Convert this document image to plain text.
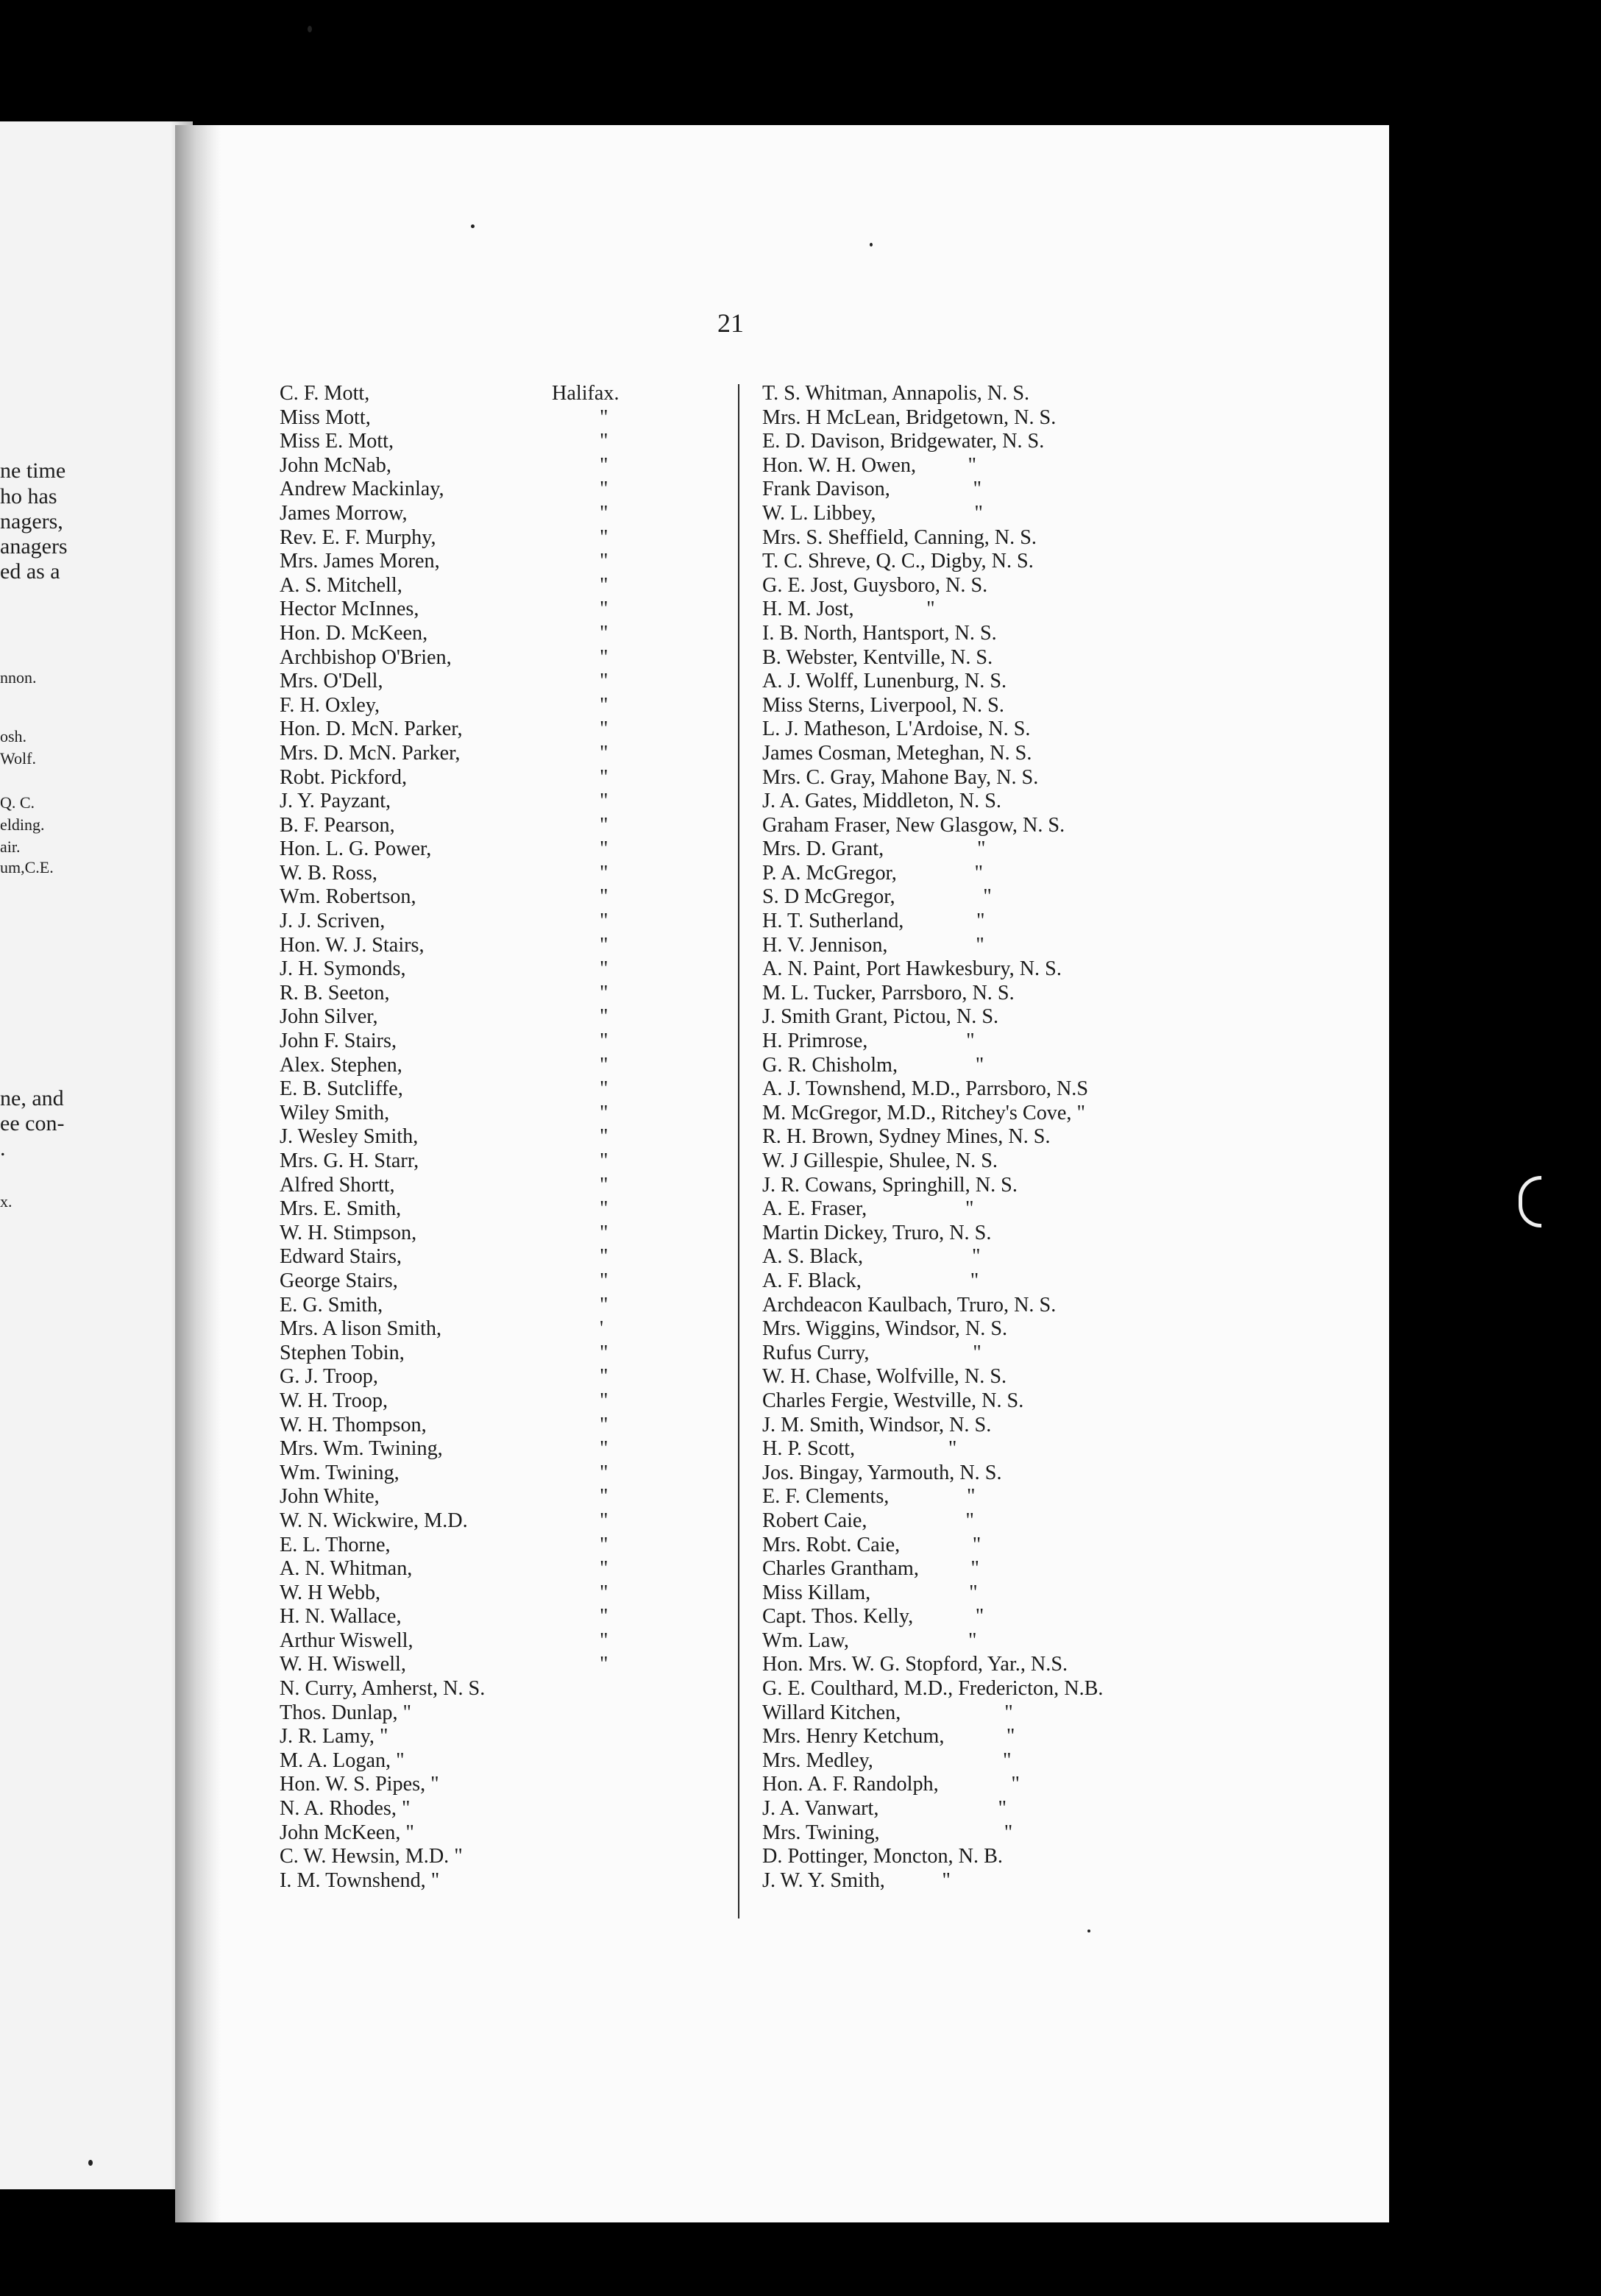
ne time
ho has
nagers,
anagers
ed as a
nnon.
osh.
Wolf.
Q. C.
elding.
air.
um,C.E.
ne, and
ee con-
.
x.
21
C. F. Mott,	Halifax.
Miss Mott,	"
Miss E. Mott,	"
John McNab,	"
Andrew Mackinlay,	"
James Morrow,	"
Rev. E. F. Murphy,	"
Mrs. James Moren,	"
A. S. Mitchell,	"
Hector McInnes,	"
Hon. D. McKeen,	"
Archbishop O'Brien,	"
Mrs. O'Dell,	"
F. H. Oxley,	"
Hon. D. McN. Parker,	"
Mrs. D. McN. Parker,	"
Robt. Pickford,	"
J. Y. Payzant,	"
B. F. Pearson,	"
Hon. L. G. Power,	"
W. B. Ross,	"
Wm. Robertson,	"
J. J. Scriven,	"
Hon. W. J. Stairs,	"
J. H. Symonds,	"
R. B. Seeton,	"
John Silver,	"
John F. Stairs,	"
Alex. Stephen,	"
E. B. Sutcliffe,	"
Wiley Smith,	"
J. Wesley Smith,	"
Mrs. G. H. Starr,	"
Alfred Shortt,	"
Mrs. E. Smith,	"
W. H. Stimpson,	"
Edward Stairs,	"
George Stairs,	"
E. G. Smith,	"
Mrs. A lison Smith,	'
Stephen Tobin,	"
G. J. Troop,	"
W. H. Troop,	"
W. H. Thompson,	"
Mrs. Wm. Twining,	"
Wm. Twining,	"
John White,	"
W. N. Wickwire, M.D.	"
E. L. Thorne,	"
A. N. Whitman,	"
W. H Webb,	"
H. N. Wallace,	"
Arthur Wiswell,	"
W. H. Wiswell,	"
N. Curry, Amherst, N. S.
Thos. Dunlap, "
J. R. Lamy, "
M. A. Logan, "
Hon. W. S. Pipes, "
N. A. Rhodes, "
John McKeen, "
C. W. Hewsin, M.D. "
I. M. Townshend, "
T. S. Whitman, Annapolis, N. S.
Mrs. H McLean, Bridgetown, N. S.
E. D. Davison, Bridgewater, N. S.
Hon. W. H. Owen,          "
Frank Davison,                "
W. L. Libbey,                   "
Mrs. S. Sheffield, Canning, N. S.
T. C. Shreve, Q. C., Digby, N. S.
G. E. Jost, Guysboro, N. S.
H. M. Jost,              "
I. B. North, Hantsport, N. S.
B. Webster, Kentville, N. S.
A. J. Wolff, Lunenburg, N. S.
Miss Sterns, Liverpool, N. S.
L. J. Matheson, L'Ardoise, N. S.
James Cosman, Meteghan, N. S.
Mrs. C. Gray, Mahone Bay, N. S.
J. A. Gates, Middleton, N. S.
Graham Fraser, New Glasgow, N. S.
Mrs. D. Grant,                  "
P. A. McGregor,               "
S. D McGregor,                 "
H. T. Sutherland,              "
H. V. Jennison,                 "
A. N. Paint, Port Hawkesbury, N. S.
M. L. Tucker, Parrsboro, N. S.
J. Smith Grant, Pictou, N. S.
H. Primrose,                   "
G. R. Chisholm,               "
A. J. Townshend, M.D., Parrsboro, N.S
M. McGregor, M.D., Ritchey's Cove, "
R. H. Brown, Sydney Mines, N. S.
W. J Gillespie, Shulee, N. S.
J. R. Cowans, Springhill, N. S.
A. E. Fraser,                   "
Martin Dickey, Truro, N. S.
A. S. Black,                     "
A. F. Black,                     "
Archdeacon Kaulbach, Truro, N. S.
Mrs. Wiggins, Windsor, N. S.
Rufus Curry,                    "
W. H. Chase, Wolfville, N. S.
Charles Fergie, Westville, N. S.
J. M. Smith, Windsor, N. S.
H. P. Scott,                  "
Jos. Bingay, Yarmouth, N. S.
E. F. Clements,               "
Robert Caie,                   "
Mrs. Robt. Caie,              "
Charles Grantham,          "
Miss Killam,                   "
Capt. Thos. Kelly,            "
Wm. Law,                       "
Hon. Mrs. W. G. Stopford, Yar., N.S.
G. E. Coulthard, M.D., Fredericton, N.B.
Willard Kitchen,                    "
Mrs. Henry Ketchum,            "
Mrs. Medley,                         "
Hon. A. F. Randolph,              "
J. A. Vanwart,                       "
Mrs. Twining,                        "
D. Pottinger, Moncton, N. B.
J. W. Y. Smith,           "
